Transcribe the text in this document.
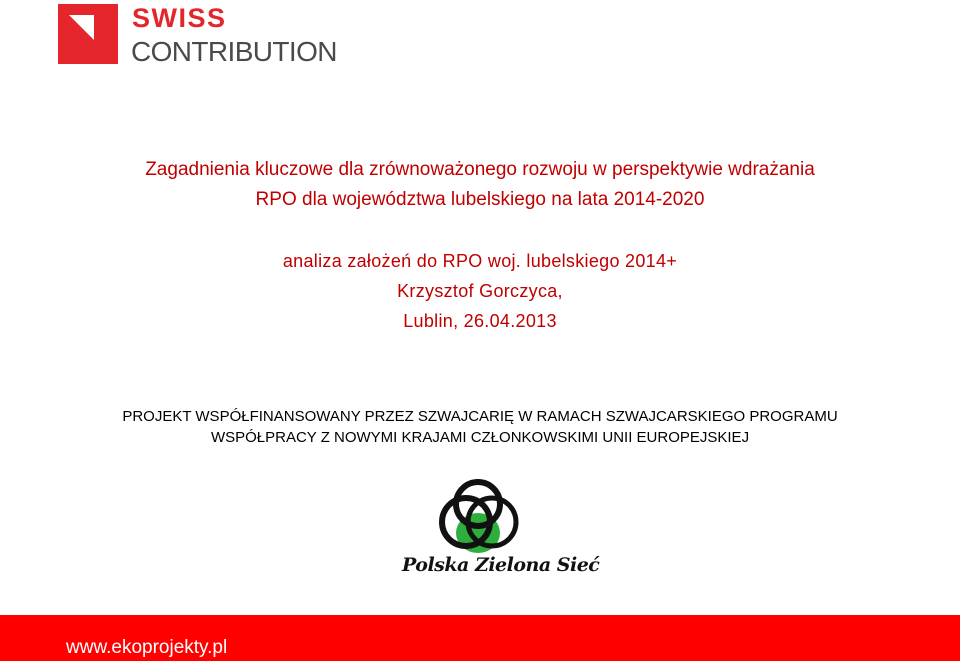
SWISS
CONTRIBUTION
Zagadnienia kluczowe dla zrównoważonego rozwoju w perspektywie wdrażania
RPO dla województwa lubelskiego na lata 2014-2020

analiza założeń do RPO woj. lubelskiego 2014+

Krzysztof Gorczyca,

Lublin, 26.04.2013

PROJEKT WSPÓŁFINANSOWANY PRZEZ SZWAJCARIĘ W RAMACH SZWAJCARSKIEGO PROGRAMU

WSPÓŁPRACY Z NOWYMI KRAJAMI CZŁONKOWSKIMI UNII EUROPEJSKIEJ

Polska Zielona Sieć
www.ekoprojekty.pl
